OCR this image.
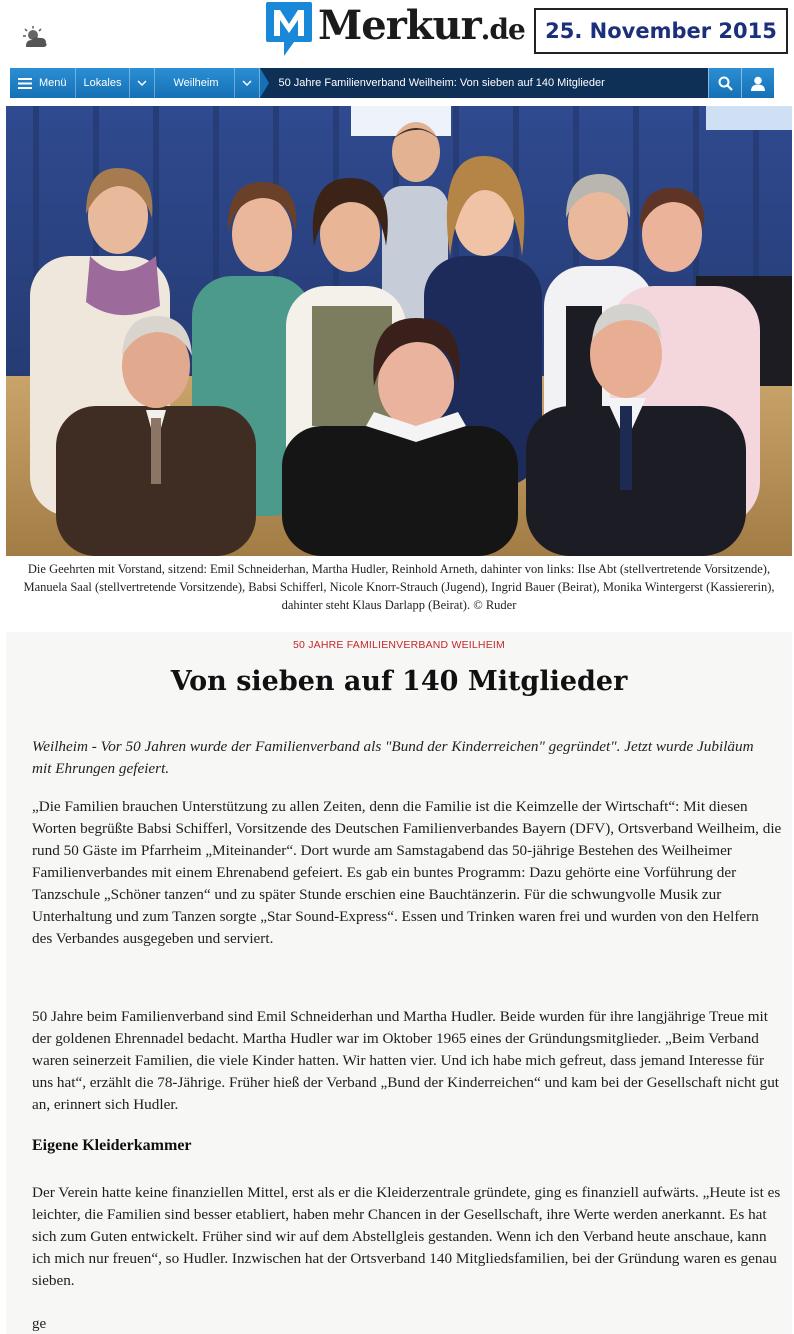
Merkur.de 25. November 2015
Menü Lokales	Weilheim	50 Jahre Familienverband Weilheim: Von sieben auf 140 Mitglieder
Die Geehrten mit Vorstand, sitzend: Emil Schneiderhan, Martha Hudler, Reinhold Arneth, dahinter von links: Ilse Abt (stellvertretende Vorsitzende), Manuela Saal (stellvertretende Vorsitzende), Babsi Schifferl, Nicole Knorr-Strauch (Jugend), Ingrid Bauer (Beirat), Monika Wintergerst (Kassiererin), dahinter steht Klaus Darlapp (Beirat). © Ruder
50 JAHRE FAMILIENVERBAND WEILHEIM
Von sieben auf 140 Mitglieder

Weilheim - Vor 50 Jahren wurde der Familienverband als "Bund der Kinderreichen" gegründet". Jetzt wurde Jubiläum mit Ehrungen gefeiert.

„Die Familien brauchen Unterstützung zu allen Zeiten, denn die Familie ist die Keimzelle der Wirtschaft“: Mit diesen Worten begrüßte Babsi Schifferl, Vorsitzende des Deutschen Familienverbandes Bayern (DFV), Ortsverband Weilheim, die rund 50 Gäste im Pfarrheim „Miteinander“. Dort wurde am Samstagabend das 50-jährige Bestehen des Weilheimer Familienverbandes mit einem Ehrenabend gefeiert. Es gab ein buntes Programm: Dazu gehörte eine Vorführung der Tanzschule „Schöner tanzen“ und zu später Stunde erschien eine Bauchtänzerin. Für die schwungvolle Musik zur Unterhaltung und zum Tanzen sorgte „Star Sound-Express“. Essen und Trinken waren frei und wurden von den Helfern des Verbandes ausgegeben und serviert.

50 Jahre beim Familienverband sind Emil Schneiderhan und Martha Hudler. Beide wurden für ihre langjährige Treue mit der goldenen Ehrennadel bedacht. Martha Hudler war im Oktober 1965 eines der Gründungsmitglieder. „Beim Verband waren seinerzeit Familien, die viele Kinder hatten. Wir hatten vier. Und ich habe mich gefreut, dass jemand Interesse für uns hat“, erzählt die 78-Jährige. Früher hieß der Verband „Bund der Kinderreichen“ und kam bei der Gesellschaft nicht gut an, erinnert sich Hudler.

Eigene Kleiderkammer

Der Verein hatte keine finanziellen Mittel, erst als er die Kleiderzentrale gründete, ging es finanziell aufwärts. „Heute ist es leichter, die Familien sind besser etabliert, haben mehr Chancen in der Gesellschaft, ihre Werte werden anerkannt. Es hat sich zum Guten entwickelt. Früher sind wir auf dem Abstellgleis gestanden. Wenn ich den Verband heute anschaue, kann ich mich nur freuen“, so Hudler. Inzwischen hat der Ortsverband 140 Mitgliedsfamilien, bei der Gründung waren es genau sieben.

ge
